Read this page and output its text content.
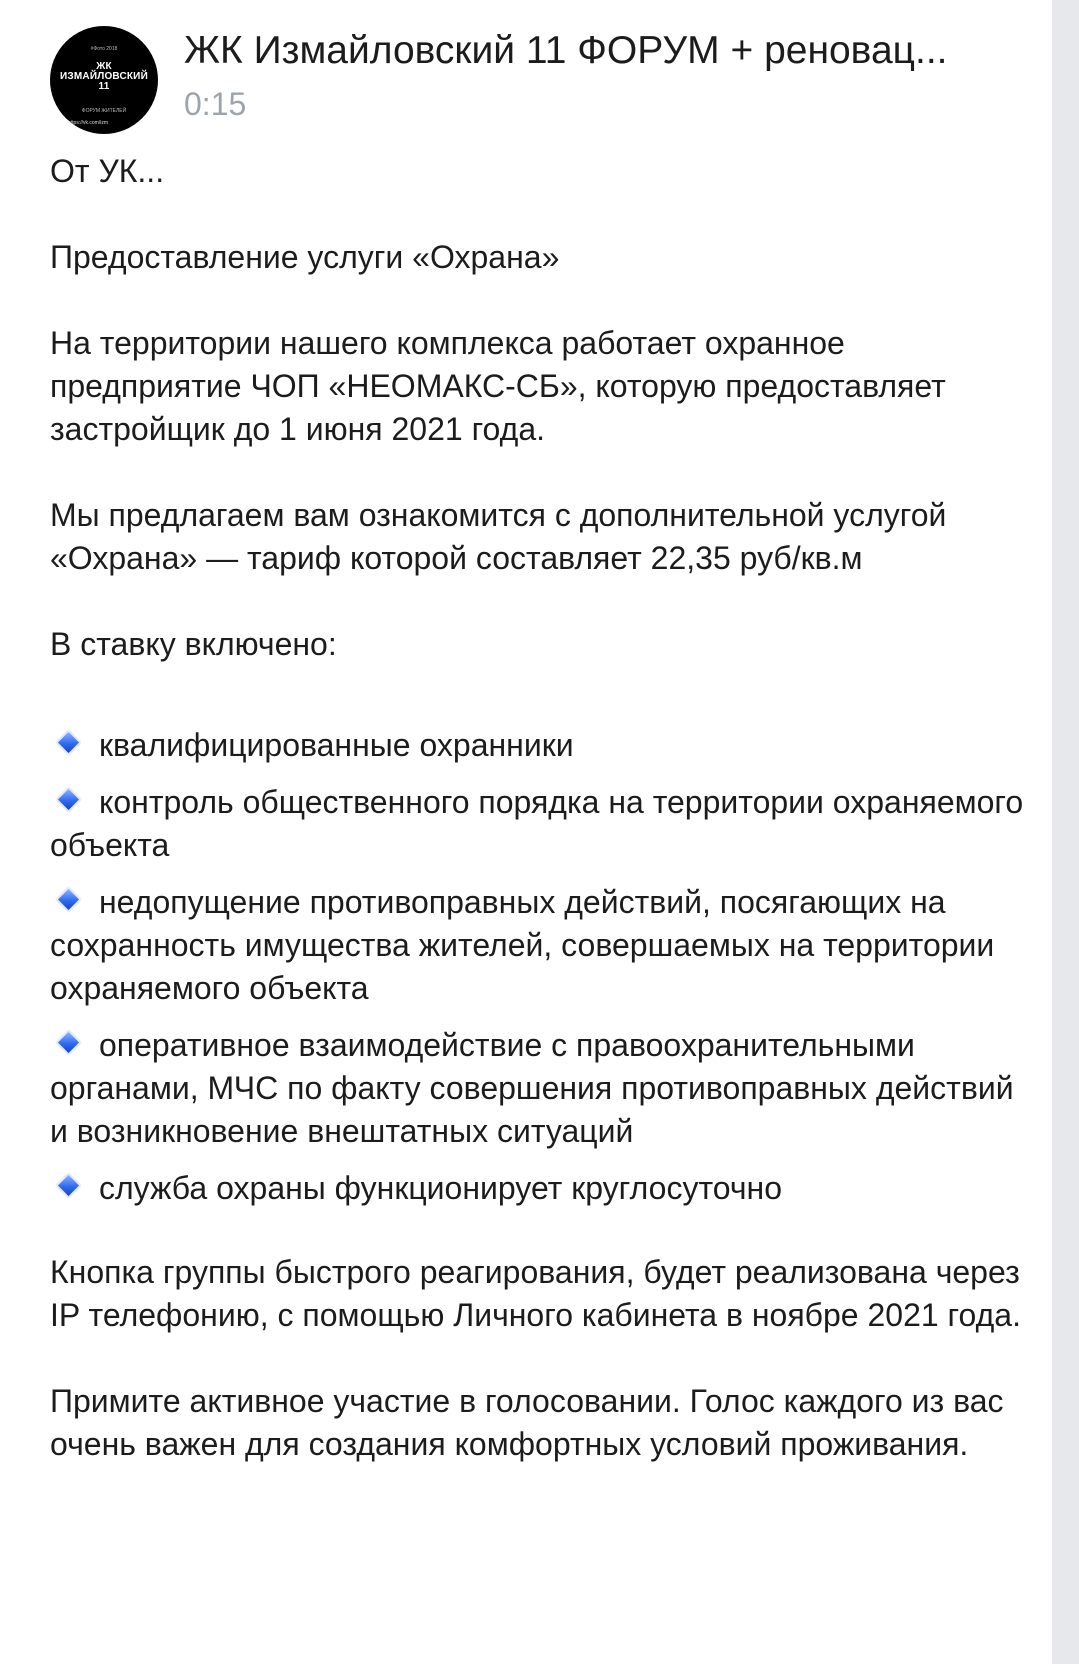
#Фото 2018
ЖК
ИЗМАЙЛОВСКИЙ
11
ФОРУМ ЖИТЕЛЕЙ
https://vk.com/izm
ЖК Измайловский 11 ФОРУМ + реновац...
0:15

От УК...

Предоставление услуги «Охрана»

На территории нашего комплекса работает охранное предприятие ЧОП «НЕОМАКС-СБ», которую предоставляет застройщик до 1 июня 2021 года.

Мы предлагаем вам ознакомится с дополнительной услугой «Охрана» — тариф которой составляет 22,35 руб/кв.м

В ставку включено:

квалифицированные охранники
контроль общественного порядка на территории охраняемого объекта
недопущение противоправных действий, посягающих на сохранность имущества жителей, совершаемых на территории охраняемого объекта
оперативное взаимодействие с правоохранительными органами, МЧС по факту совершения противоправных действий и возникновение внештатных ситуаций
служба охраны функционирует круглосуточно

Кнопка группы быстрого реагирования, будет реализована через IP телефонию, с помощью Личного кабинета в ноябре 2021 года.

Примите активное участие в голосовании. Голос каждого из вас очень важен для создания комфортных условий проживания.
